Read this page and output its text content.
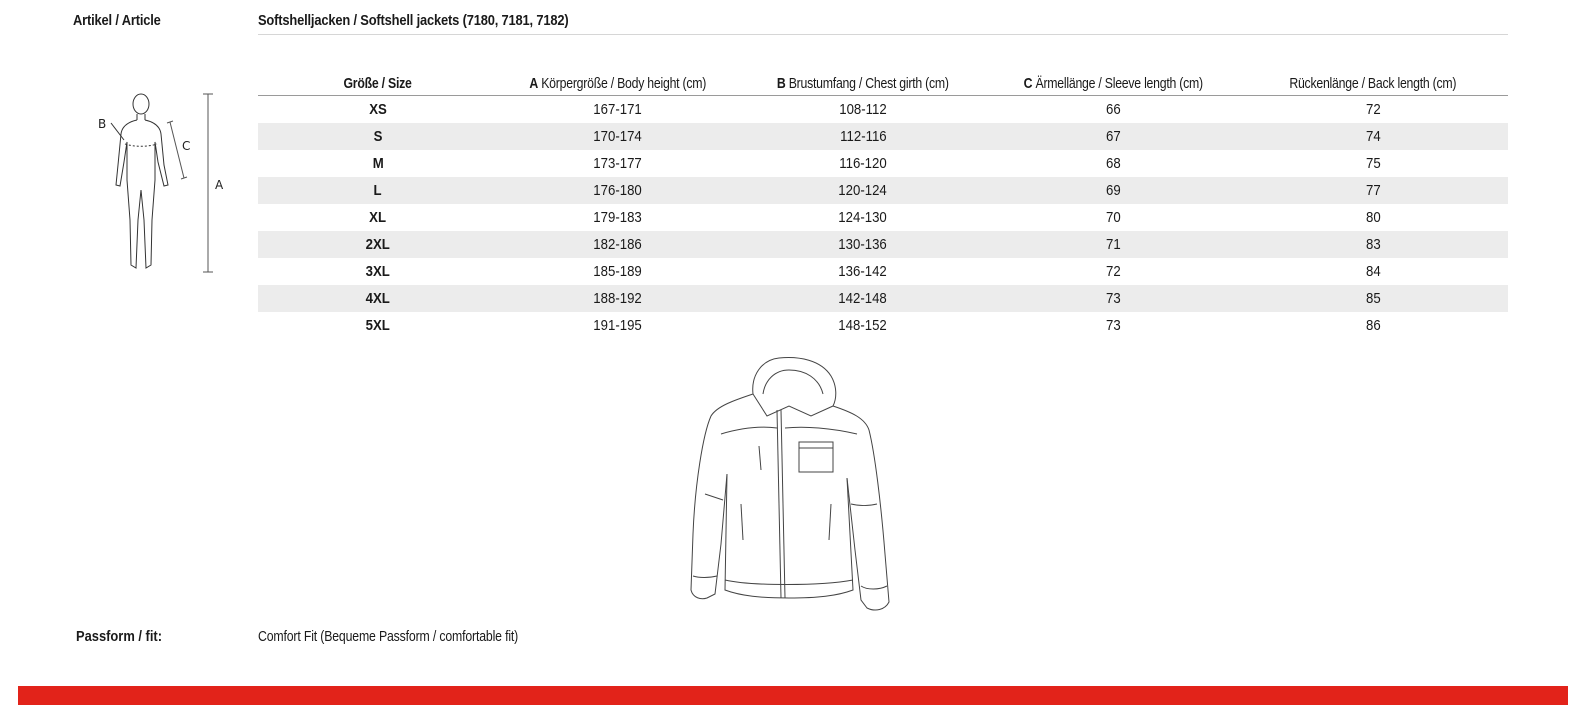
Artikel / Article	Softshelljacken / Softshell jackets (7180, 7181, 7182)
B
C
A
Größe / Size	A Körpergröße / Body height (cm)	B Brustumfang / Chest girth (cm)	C Ärmellänge / Sleeve length (cm)	Rückenlänge / Back length (cm)
XS	167-171	108-112	66	72
S	170-174	112-116	67	74
M	173-177	116-120	68	75
L	176-180	120-124	69	77
XL	179-183	124-130	70	80
2XL	182-186	130-136	71	83
3XL	185-189	136-142	72	84
4XL	188-192	142-148	73	85
5XL	191-195	148-152	73	86
Passform / fit:	Comfort Fit (Bequeme Passform / comfortable fit)
